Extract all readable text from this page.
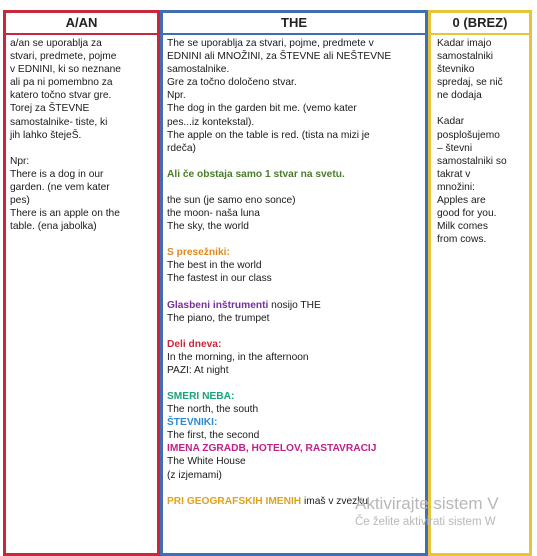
A/AN
a/an se uporablja za
stvari, predmete, pojme
v EDNINI, ki so neznane
ali pa ni pomembno za
katero točno stvar gre.
Torej za ŠTEVNE
samostalnike- tiste, ki
jih lahko štejeŠ.
Npr:
There is a dog in our
garden. (ne vem kater
pes)
There is an apple on the
table. (ena jabolka)
THE
The se uporablja za stvari, pojme, predmete v
EDNINI ali MNOŽINI, za ŠTEVNE ali NEŠTEVNE
samostalnike.
Gre za točno določeno stvar.
Npr.
The dog in the garden bit me. (vemo kater
pes...iz kontekstal).
The apple on the table is red. (tista na mizi je
rdeča)
Ali če obstaja samo 1 stvar na svetu.
the sun (je samo eno sonce)
the moon- naša luna
The sky, the world
S presežniki:
The best in the world
The fastest in our class
Glasbeni inštrumenti nosijo THE
The piano, the trumpet
Deli dneva:
In the morning, in the afternoon
PAZI: At night
SMERI NEBA:
The north, the south
ŠTEVNIKI:
The first, the second
IMENA ZGRADB, HOTELOV, RASTAVRACIJ
The White House
(z izjemami)
PRI GEOGRAFSKIH IMENIH imaš v zvezku
0 (BREZ)
Kadar imajo
samostalniki
števniko
spredaj, se nič
ne dodaja
Kadar
posplošujemo
– števni
samostalniki so
takrat v
množini:
Apples are
good for you.
Milk comes
from cows.
Aktivirajte sistem V
Če želite aktivirati sistem W
